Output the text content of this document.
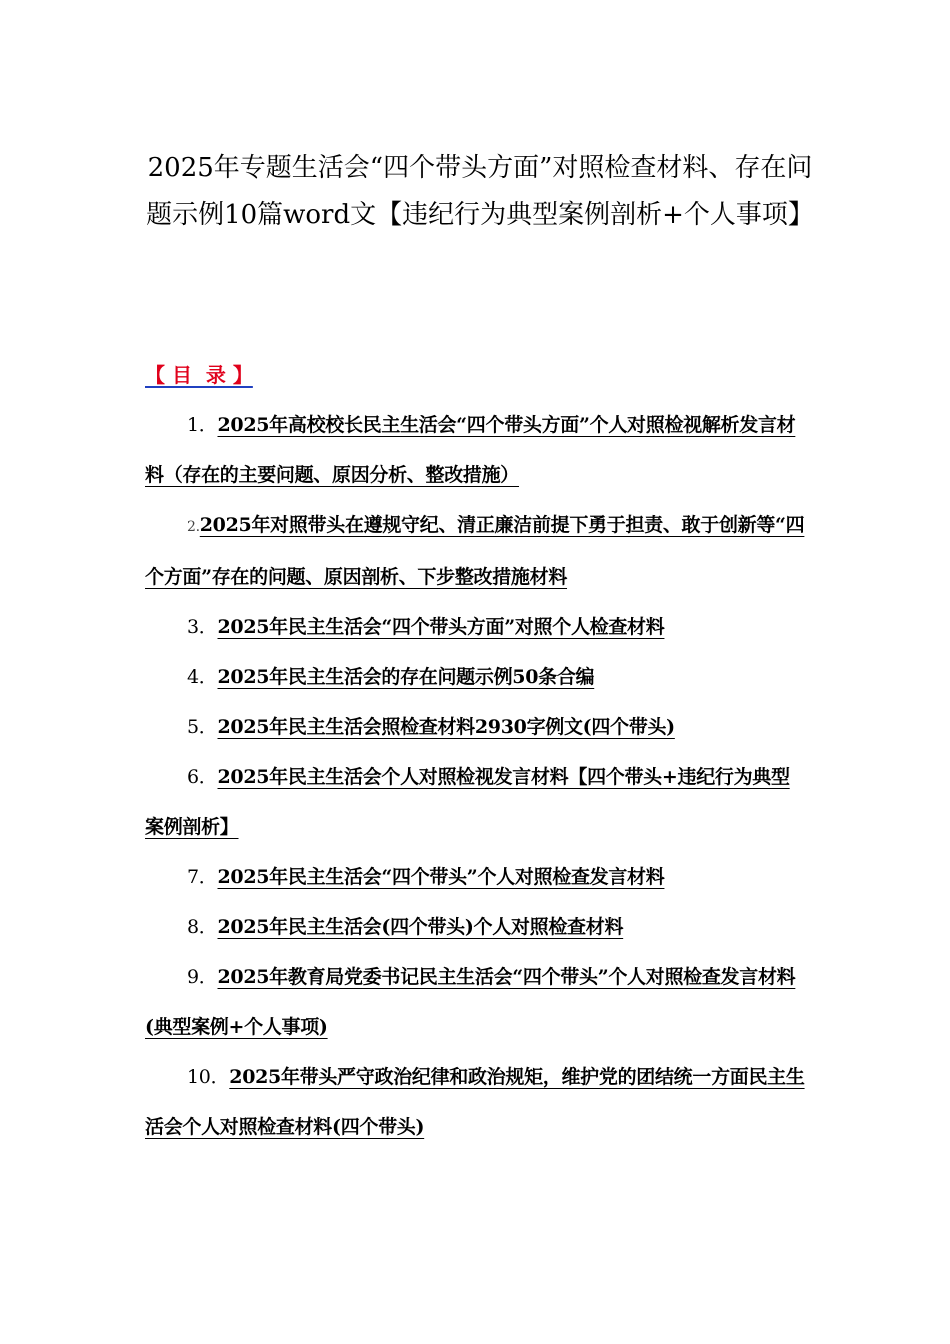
2025年专题生活会“四个带头方面”对照检查材料、存在问题示例10篇word文【违纪行为典型案例剖析+个人事项】
【 目  录 】
1．2025年高校校长民主生活会“四个带头方面”个人对照检视解析发言材料（存在的主要问题、原因分析、整改措施）
2.2025年对照带头在遵规守纪、清正廉洁前提下勇于担责、敢于创新等“四个方面”存在的问题、原因剖析、下步整改措施材料
3．2025年民主生活会“四个带头方面”对照个人检查材料
4．2025年民主生活会的存在问题示例50条合编
5．2025年民主生活会照检查材料2930字例文(四个带头)
6．2025年民主生活会个人对照检视发言材料【四个带头+违纪行为典型案例剖析】
7．2025年民主生活会“四个带头”个人对照检查发言材料
8．2025年民主生活会(四个带头)个人对照检查材料
9．2025年教育局党委书记民主生活会“四个带头”个人对照检查发言材料(典型案例+个人事项)
10．2025年带头严守政治纪律和政治规矩，维护党的团结统一方面民主生活会个人对照检查材料(四个带头)
